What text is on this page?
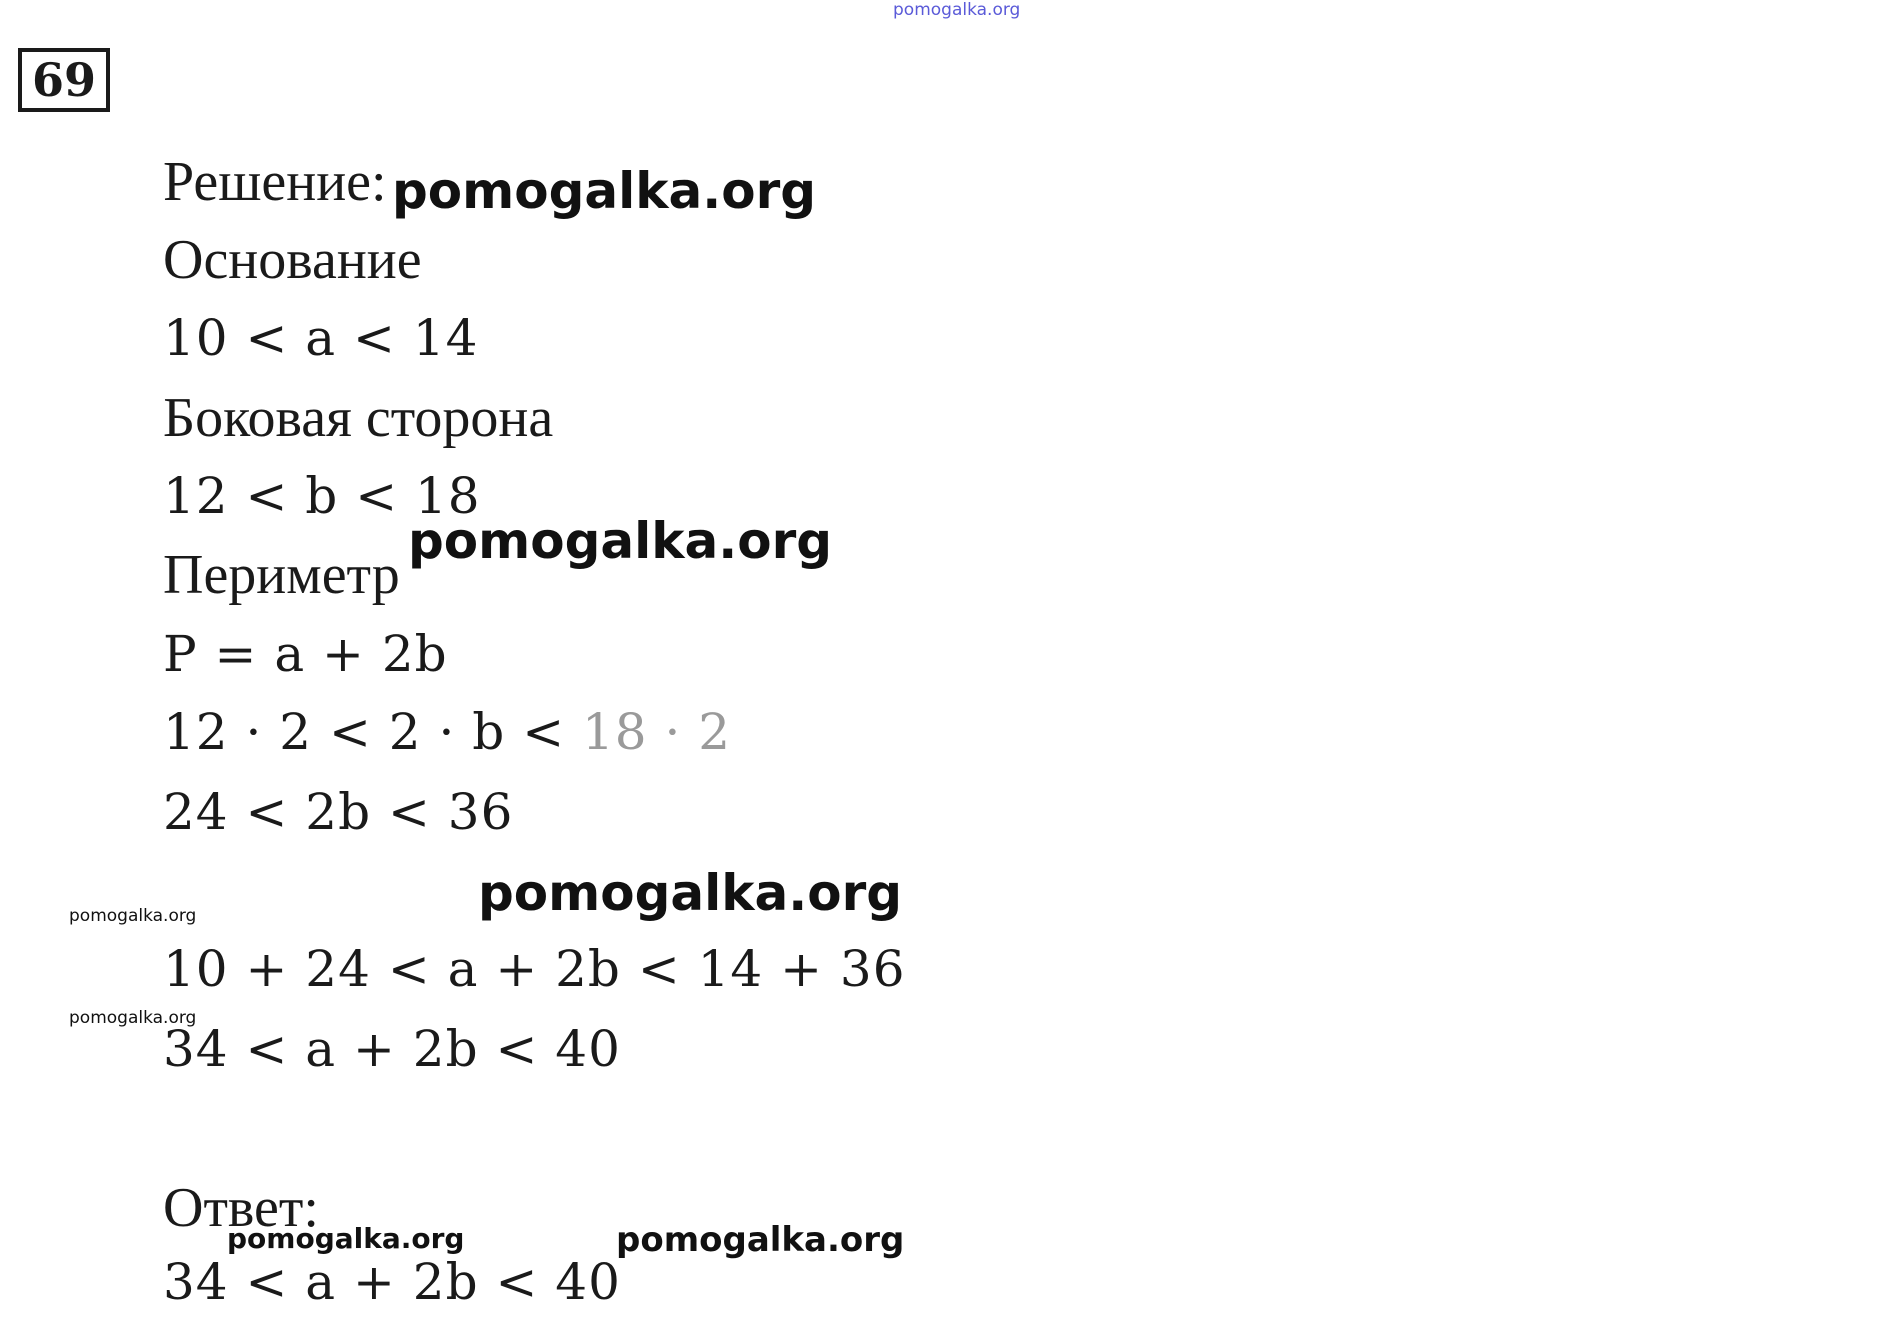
pomogalka.org
69
Решение: pomogalka.org
Основание
10 < a < 14
Боковая сторона
12 < b < 18
Периметр
pomogalka.org
P = a + 2b
12 · 2 < 2 · b < 18 · 2
24 < 2b < 36
pomogalka.org
pomogalka.org
10 + 24 < a + 2b < 14 + 36
pomogalka.org
34 < a + 2b < 40
Ответ:
pomogalka.org	pomogalka.org
34 < a + 2b < 40
